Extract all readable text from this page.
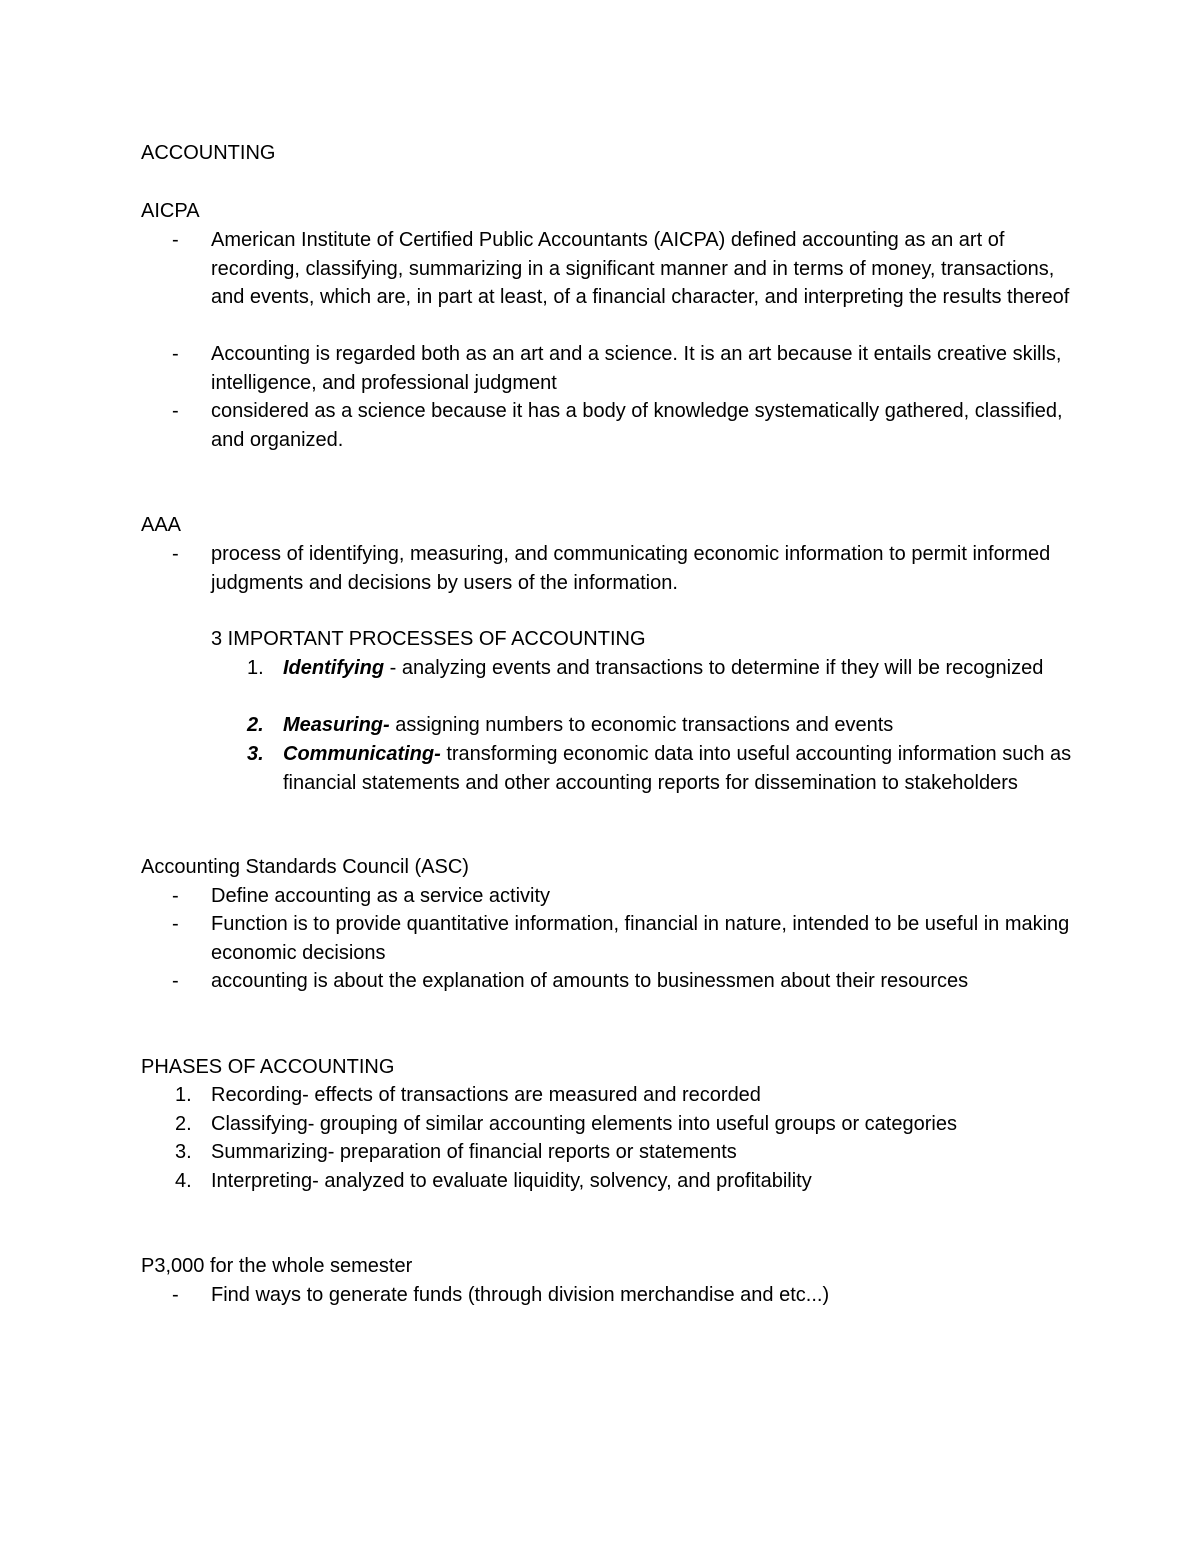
ACCOUNTING
AICPA
- American Institute of Certified Public Accountants (AICPA) defined accounting as an art of recording, classifying, summarizing in a significant manner and in terms of money, transactions, and events, which are, in part at least, of a financial character, and interpreting the results thereof
- Accounting is regarded both as an art and a science. It is an art because it entails creative skills, intelligence, and professional judgment
- considered as a science because it has a body of knowledge systematically gathered, classified, and organized.
AAA
- process of identifying, measuring, and communicating economic information to permit informed judgments and decisions by users of the information.
3 IMPORTANT PROCESSES OF ACCOUNTING
1. Identifying - analyzing events and transactions to determine if they will be recognized
2. Measuring- assigning numbers to economic transactions and events
3. Communicating- transforming economic data into useful accounting information such as financial statements and other accounting reports for dissemination to stakeholders
Accounting Standards Council (ASC)
- Define accounting as a service activity
- Function is to provide quantitative information, financial in nature, intended to be useful in making economic decisions
- accounting is about the explanation of amounts to businessmen about their resources
PHASES OF ACCOUNTING
1. Recording- effects of transactions are measured and recorded
2. Classifying- grouping of similar accounting elements into useful groups or categories
3. Summarizing- preparation of financial reports or statements
4. Interpreting- analyzed to evaluate liquidity, solvency, and profitability
P3,000 for the whole semester
- Find ways to generate funds (through division merchandise and etc...)
